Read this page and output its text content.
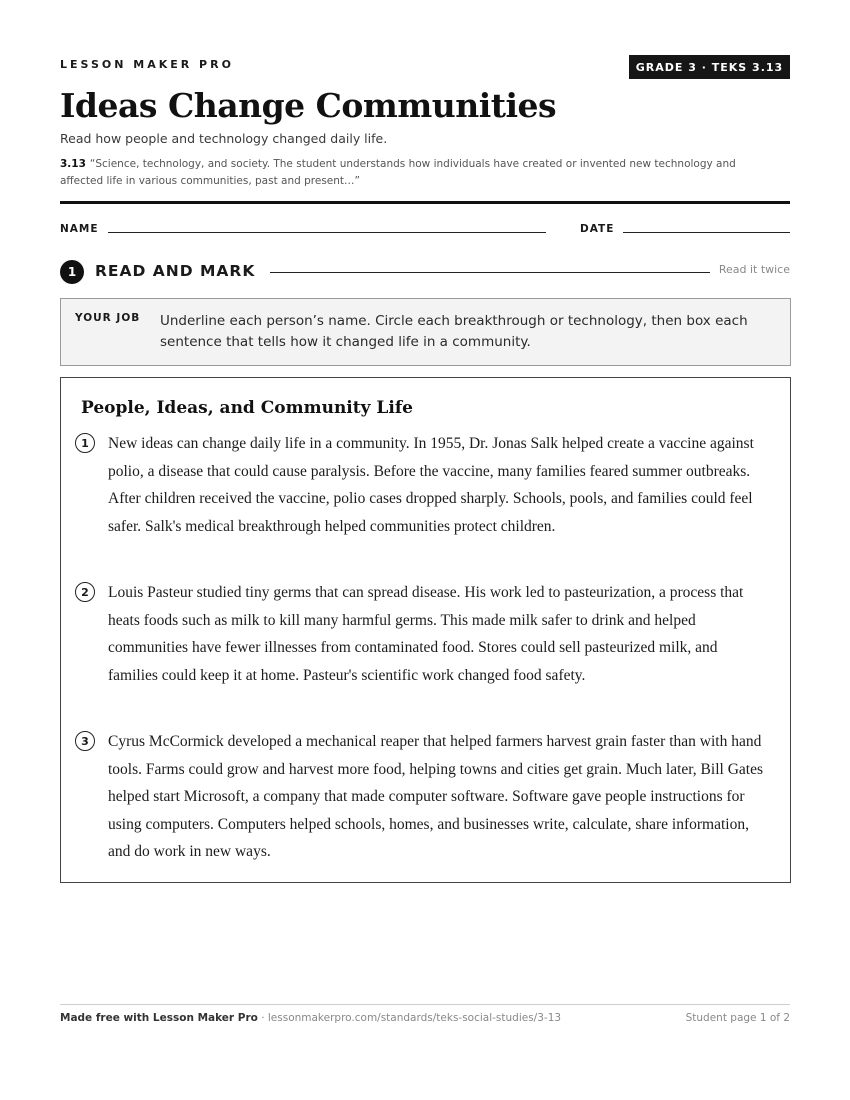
LESSON MAKER PRO	GRADE 3 · TEKS 3.13
Ideas Change Communities
Read how people and technology changed daily life.
3.13 “Science, technology, and society. The student understands how individuals have created or invented new technology and affected life in various communities, past and present…”
NAME	DATE
1	READ AND MARK	Read it twice
YOUR JOB Underline each person’s name. Circle each breakthrough or technology, then box each sentence that tells how it changed life in a community.
People, Ideas, and Community Life
1	New ideas can change daily life in a community. In 1955, Dr. Jonas Salk helped create a vaccine against polio, a disease that could cause paralysis. Before the vaccine, many families feared summer outbreaks. After children received the vaccine, polio cases dropped sharply. Schools, pools, and families could feel safer. Salk's medical breakthrough helped communities protect children.
2	Louis Pasteur studied tiny germs that can spread disease. His work led to pasteurization, a process that heats foods such as milk to kill many harmful germs. This made milk safer to drink and helped communities have fewer illnesses from contaminated food. Stores could sell pasteurized milk, and families could keep it at home. Pasteur's scientific work changed food safety.
3	Cyrus McCormick developed a mechanical reaper that helped farmers harvest grain faster than with hand tools. Farms could grow and harvest more food, helping towns and cities get grain. Much later, Bill Gates helped start Microsoft, a company that made computer software. Software gave people instructions for using computers. Computers helped schools, homes, and businesses write, calculate, share information, and do work in new ways.
Made free with Lesson Maker Pro · lessonmakerpro.com/standards/teks-social-studies/3-13	Student page 1 of 2
